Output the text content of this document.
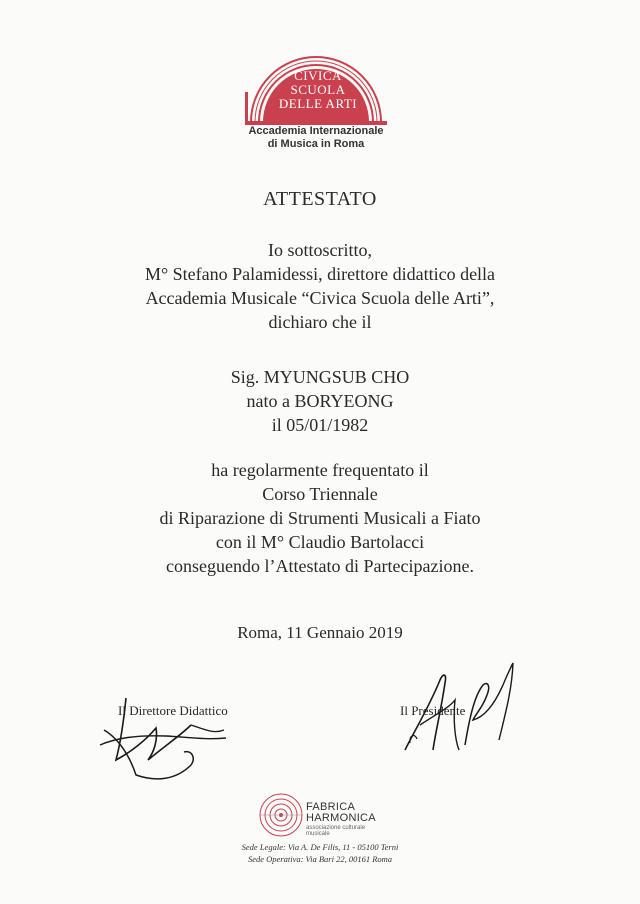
CIVICA
SCUOLA
DELLE ARTI
Accademia Internazionale
di Musica in Roma
ATTESTATO
Io sottoscritto,
M° Stefano Palamidessi, direttore didattico della
Accademia Musicale “Civica Scuola delle Arti”,
dichiaro che il
Sig. MYUNGSUB CHO
nato a BORYEONG
il 05/01/1982
ha regolarmente frequentato il
Corso Triennale
di Riparazione di Strumenti Musicali a Fiato
con il M° Claudio Bartolacci
conseguendo l’Attestato di Partecipazione.
Roma, 11 Gennaio 2019
Il Direttore Didattico	Il Presidente
FABRICA
HARMONICA
associazione culturale musicale
Sede Legale: Via A. De Filis, 11 - 05100 Terni
Sede Operativa: Via Bari 22, 00161 Roma
